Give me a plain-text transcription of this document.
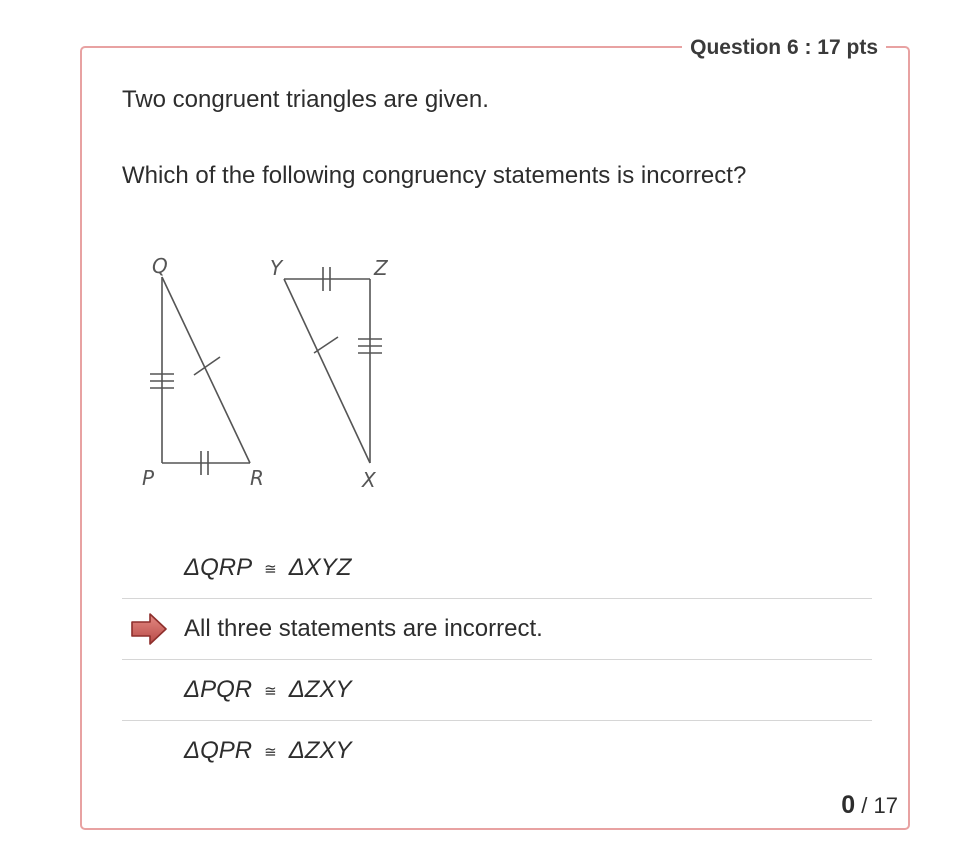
Question 6 : 17 pts
Two congruent triangles are given.
Which of the following congruency statements is incorrect?
Q
P	R
Y	Z
X
ΔQRP ≅ ΔXYZ
All three statements are incorrect.
ΔPQR ≅ ΔZXY
ΔQPR ≅ ΔZXY
0 / 17
